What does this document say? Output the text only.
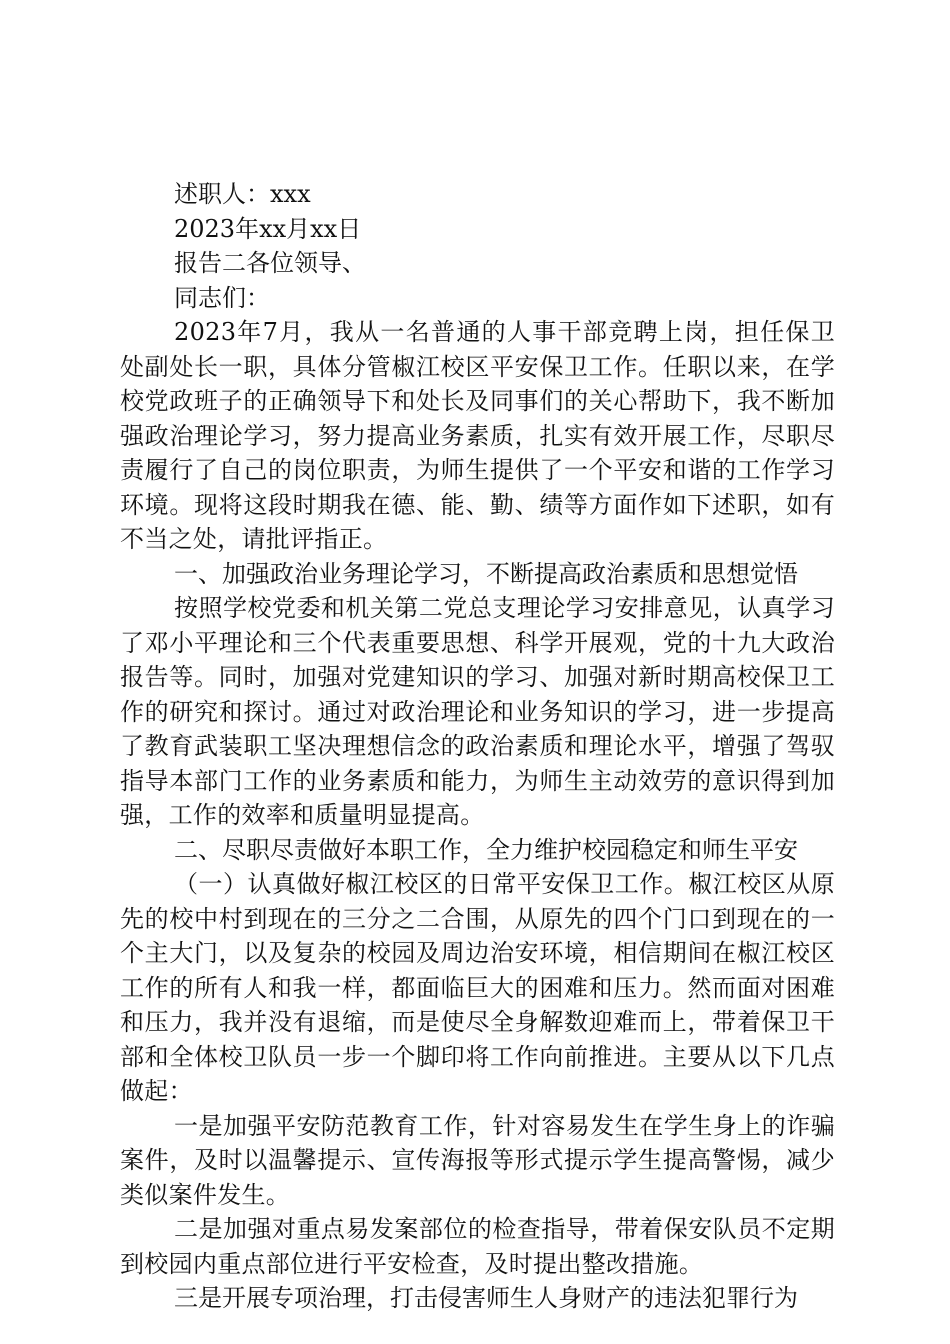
述职人：xxx
2023年xx月xx日
报告二各位领导、
同志们：

2023年7月，我从一名普通的人事干部竞聘上岗，担任保卫处副处长一职，具体分管椒江校区平安保卫工作。任职以来，在学校党政班子的正确领导下和处长及同事们的关心帮助下，我不断加强政治理论学习，努力提高业务素质，扎实有效开展工作，尽职尽责履行了自己的岗位职责，为师生提供了一个平安和谐的工作学习环境。现将这段时期我在德、能、勤、绩等方面作如下述职，如有不当之处，请批评指正。

一、加强政治业务理论学习，不断提高政治素质和思想觉悟

按照学校党委和机关第二党总支理论学习安排意见，认真学习了邓小平理论和三个代表重要思想、科学开展观，党的十九大政治报告等。同时，加强对党建知识的学习、加强对新时期高校保卫工作的研究和探讨。通过对政治理论和业务知识的学习，进一步提高了教育武装职工坚决理想信念的政治素质和理论水平，增强了驾驭指导本部门工作的业务素质和能力，为师生主动效劳的意识得到加强，工作的效率和质量明显提高。

二、尽职尽责做好本职工作，全力维护校园稳定和师生平安

（一）认真做好椒江校区的日常平安保卫工作。椒江校区从原先的校中村到现在的三分之二合围，从原先的四个门口到现在的一个主大门，以及复杂的校园及周边治安环境，相信期间在椒江校区工作的所有人和我一样，都面临巨大的困难和压力。然而面对困难和压力，我并没有退缩，而是使尽全身解数迎难而上，带着保卫干部和全体校卫队员一步一个脚印将工作向前推进。主要从以下几点做起：

一是加强平安防范教育工作，针对容易发生在学生身上的诈骗案件，及时以温馨提示、宣传海报等形式提示学生提高警惕，减少类似案件发生。

二是加强对重点易发案部位的检查指导，带着保安队员不定期到校园内重点部位进行平安检查，及时提出整改措施。

三是开展专项治理，打击侵害师生人身财产的违法犯罪行为
